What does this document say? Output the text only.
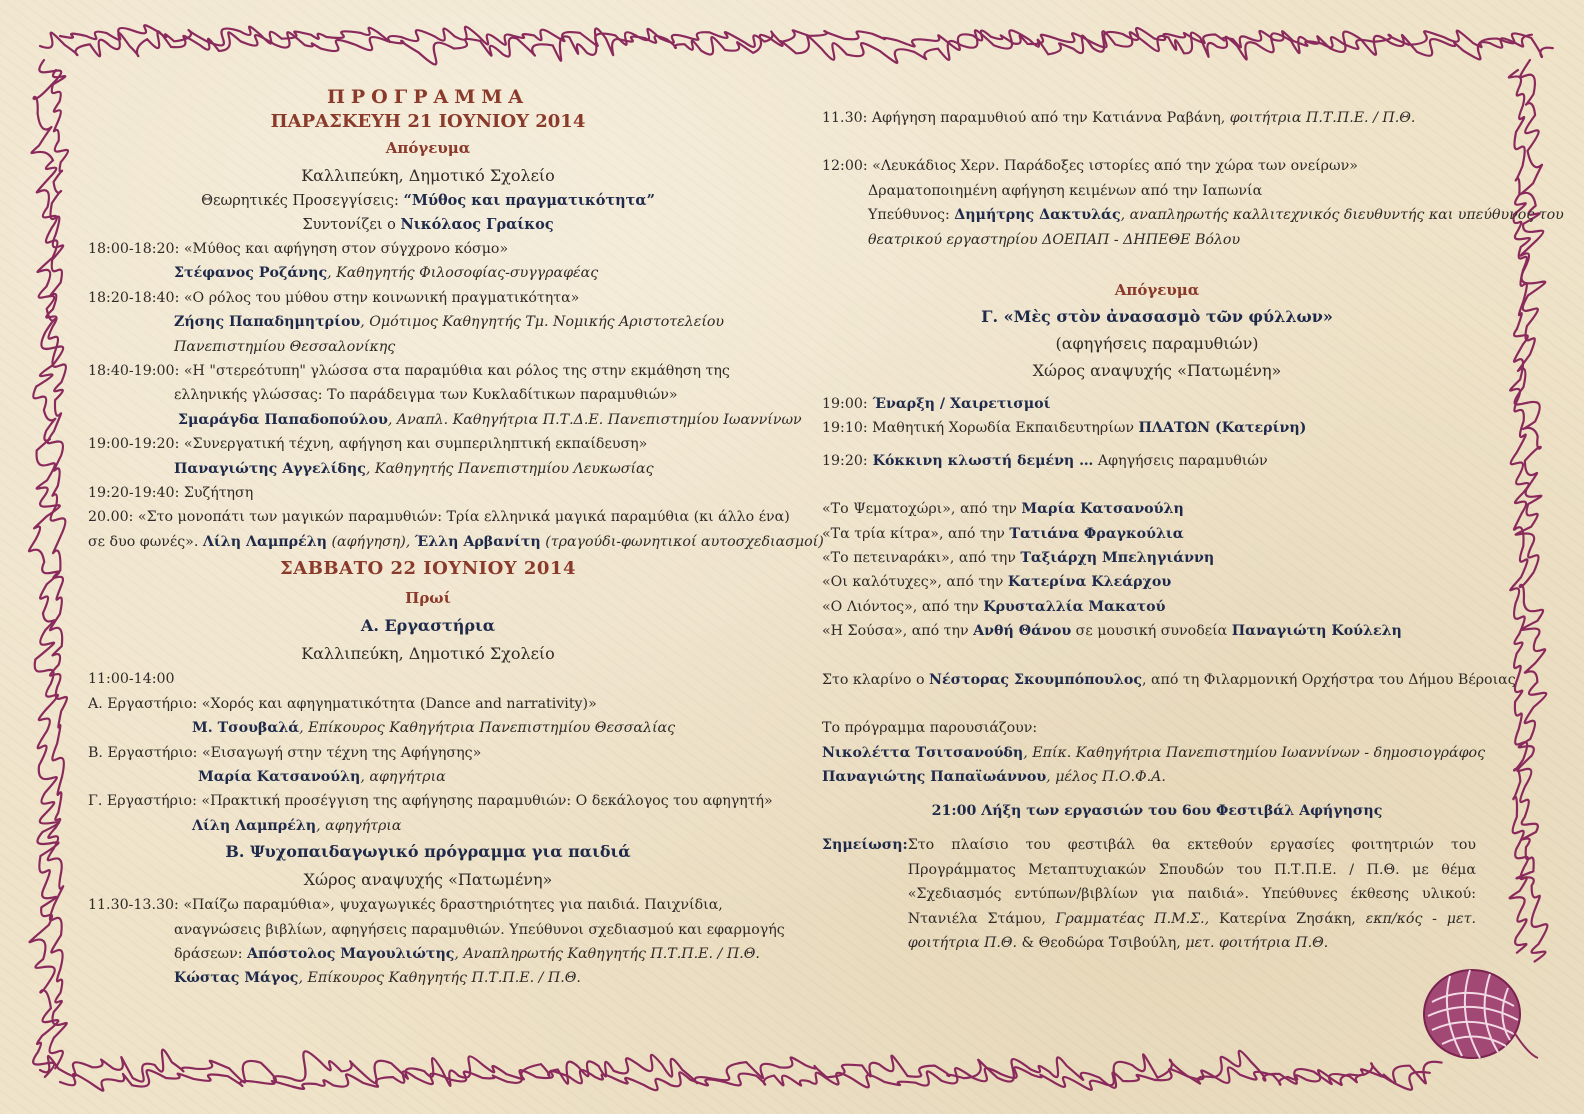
ΠΡΟΓΡΑΜΜΑ
ΠΑΡΑΣΚΕΥΗ 21 ΙΟΥΝΙΟΥ 2014
Απόγευμα
Καλλιπεύκη, Δημοτικό Σχολείο
Θεωρητικές Προσεγγίσεις: “Μύθος και πραγματικότητα”
Συντονίζει ο Νικόλαος Γραίκος
18:00-18:20: «Μύθος και αφήγηση στον σύγχρονο κόσμο»
Στέφανος Ροζάνης, Καθηγητής Φιλοσοφίας-συγγραφέας
18:20-18:40: «Ο ρόλος του μύθου στην κοινωνική πραγματικότητα»
Ζήσης Παπαδημητρίου, Ομότιμος Καθηγητής Τμ. Νομικής Αριστοτελείου
Πανεπιστημίου Θεσσαλονίκης
18:40-19:00: «Η "στερεότυπη" γλώσσα στα παραμύθια και ρόλος της στην εκμάθηση της
ελληνικής γλώσσας: Το παράδειγμα των Κυκλαδίτικων παραμυθιών»
Σμαράγδα Παπαδοπούλου, Αναπλ. Καθηγήτρια Π.Τ.Δ.Ε. Πανεπιστημίου Ιωαννίνων
19:00-19:20: «Συνεργατική τέχνη, αφήγηση και συμπεριληπτική εκπαίδευση»
Παναγιώτης Αγγελίδης, Καθηγητής Πανεπιστημίου Λευκωσίας
19:20-19:40: Συζήτηση
20.00: «Στο μονοπάτι των μαγικών παραμυθιών: Τρία ελληνικά μαγικά παραμύθια (κι άλλο ένα)
σε δυο φωνές». Λίλη Λαμπρέλη (αφήγηση), Έλλη Αρβανίτη (τραγούδι-φωνητικοί αυτοσχεδιασμοί)
ΣΑΒΒΑΤΟ 22 ΙΟΥΝΙΟΥ 2014
Πρωί
Α. Εργαστήρια
Καλλιπεύκη, Δημοτικό Σχολείο
11:00-14:00
Α. Εργαστήριο: «Χορός και αφηγηματικότητα (Dance and narrativity)»
Μ. Τσουβαλά, Επίκουρος Καθηγήτρια Πανεπιστημίου Θεσσαλίας
Β. Εργαστήριο: «Εισαγωγή στην τέχνη της Αφήγησης»
Μαρία Κατσανούλη, αφηγήτρια
Γ. Εργαστήριο: «Πρακτική προσέγγιση της αφήγησης παραμυθιών: Ο δεκάλογος του αφηγητή»
Λίλη Λαμπρέλη, αφηγήτρια
Β. Ψυχοπαιδαγωγικό πρόγραμμα για παιδιά
Χώρος αναψυχής «Πατωμένη»
11.30-13.30: «Παίζω παραμύθια», ψυχαγωγικές δραστηριότητες για παιδιά. Παιχνίδια,
αναγνώσεις βιβλίων, αφηγήσεις παραμυθιών. Υπεύθυνοι σχεδιασμού και εφαρμογής
δράσεων: Απόστολος Μαγουλιώτης, Αναπληρωτής Καθηγητής Π.Τ.Π.Ε. / Π.Θ.
Κώστας Μάγος, Επίκουρος Καθηγητής Π.Τ.Π.Ε. / Π.Θ.
11.30: Αφήγηση παραμυθιού από την Κατιάννα Ραβάνη, φοιτήτρια Π.Τ.Π.Ε. / Π.Θ.
12:00: «Λευκάδιος Χερν. Παράδοξες ιστορίες από την χώρα των ονείρων»
Δραματοποιημένη αφήγηση κειμένων από την Ιαπωνία
Υπεύθυνος: Δημήτρης Δακτυλάς, αναπληρωτής καλλιτεχνικός διευθυντής και υπεύθυνος του
θεατρικού εργαστηρίου ΔΟΕΠΑΠ - ΔΗΠΕΘΕ Βόλου
Απόγευμα
Γ. «Μὲς στὸν ἀνασασμὸ τῶν φύλλων»
(αφηγήσεις παραμυθιών)
Χώρος αναψυχής «Πατωμένη»
19:00: Έναρξη / Χαιρετισμοί
19:10: Μαθητική Χορωδία Εκπαιδευτηρίων ΠΛΑΤΩΝ (Κατερίνη)
19:20: Κόκκινη κλωστή δεμένη … Αφηγήσεις παραμυθιών
«Το Ψεματοχώρι», από την Μαρία Κατσανούλη
«Τα τρία κίτρα», από την Τατιάνα Φραγκούλια
«Το πετειναράκι», από την Ταξιάρχη Μπεληγιάννη
«Οι καλότυχες», από την Κατερίνα Κλεάρχου
«Ο Λιόντος», από την Κρυσταλλία Μακατού
«Η Σούσα», από την Ανθή Θάνου σε μουσική συνοδεία Παναγιώτη Κούλελη
Στο κλαρίνο ο Νέστορας Σκουμπόπουλος, από τη Φιλαρμονική Ορχήστρα του Δήμου Βέροιας
Το πρόγραμμα παρουσιάζουν:
Νικολέττα Τσιτσανούδη, Επίκ. Καθηγήτρια Πανεπιστημίου Ιωαννίνων - δημοσιογράφος
Παναγιώτης Παπαϊωάννου, μέλος Π.Ο.Φ.Α.
21:00 Λήξη των εργασιών του 6ου Φεστιβάλ Αφήγησης
Σημείωση: Στο πλαίσιο του φεστιβάλ θα εκτεθούν εργασίες φοιτητριών του Προγράμματος Μεταπτυχιακών Σπουδών του Π.Τ.Π.Ε. / Π.Θ. με θέμα «Σχεδιασμός εντύπων/βιβλίων για παιδιά». Υπεύθυνες έκθεσης υλικού: Ντανιέλα Στάμου, Γραμματέας Π.Μ.Σ., Κατερίνα Ζησάκη, εκπ/κός - μετ. φοιτήτρια Π.Θ. & Θεοδώρα Τσιβούλη, μετ. φοιτήτρια Π.Θ.
